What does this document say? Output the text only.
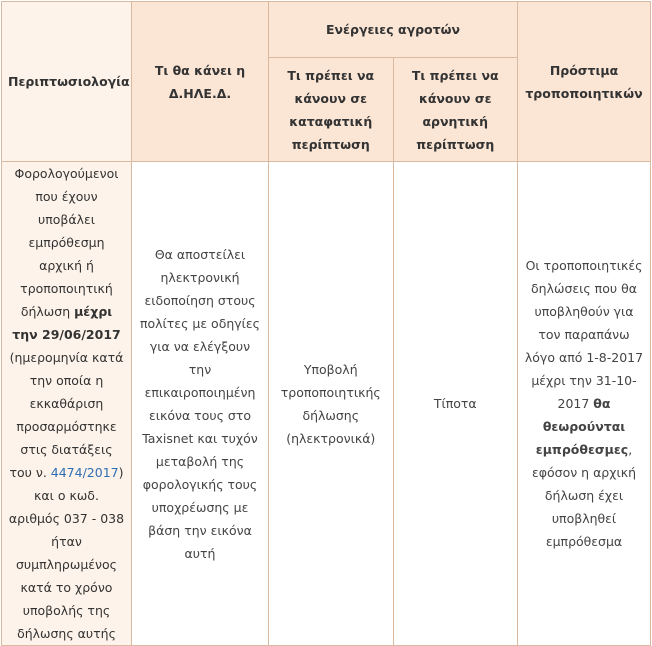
Περιπτωσιολογία	Τι θα κάνει η Δ.ΗΛΕ.Δ.	Ενέργειες αγροτών		Πρόστιμα τροποποιητικών
		Τι πρέπει να κάνουν σε καταφατική περίπτωση	Τι πρέπει να κάνουν σε αρνητική περίπτωση	
Φορολογούμενοι που έχουν υποβάλει εμπρόθεσμη αρχική ή τροποποιητική δήλωση μέχρι την 29/06/2017 (ημερομηνία κατά την οποία η εκκαθάριση προσαρμόστηκε στις διατάξεις του ν. 4474/2017) και ο κωδ. αριθμός 037 - 038 ήταν συμπληρωμένος κατά το χρόνο υποβολής της δήλωσης αυτής	Θα αποστείλει ηλεκτρονική ειδοποίηση στους πολίτες με οδηγίες για να ελέγξουν την επικαιροποιημένη εικόνα τους στο Taxisnet και τυχόν μεταβολή της φορολογικής τους υποχρέωσης με βάση την εικόνα αυτή	Υποβολή τροποποιητικής δήλωσης (ηλεκτρονικά)	Τίποτα	Οι τροποποιητικές δηλώσεις που θα υποβληθούν για τον παραπάνω λόγο από 1-8-2017 μέχρι την 31-10-2017 θα θεωρούνται εμπρόθεσμες, εφόσον η αρχική δήλωση έχει υποβληθεί εμπρόθεσμα
